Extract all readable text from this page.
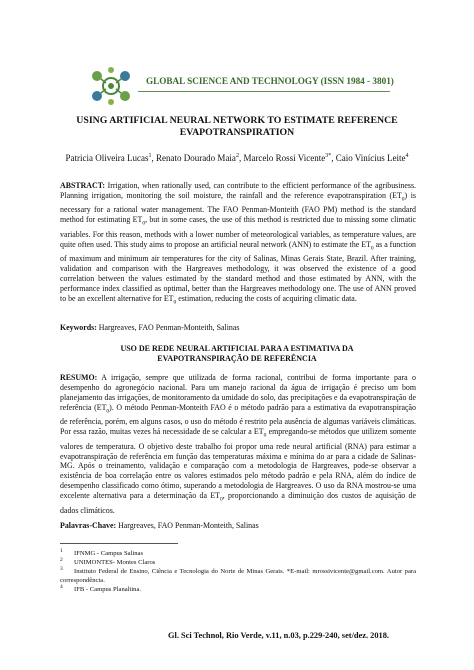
GLOBAL SCIENCE AND TECHNOLOGY (ISSN 1984 - 3801)
USING ARTIFICIAL NEURAL NETWORK TO ESTIMATE REFERENCE
EVAPOTRANSPIRATION
Patricia Oliveira Lucas$^1$, Renato Dourado Maia$^2$, Marcelo Rossi Vicente$^{3*}$, Caio Vinícius Leite$^4$
ABSTRACT: Irrigation, when rationally used, can contribute to the efficient performance of the agribusiness. Planning irrigation, monitoring the soil moisture, the rainfall and the reference evapotranspiration $(ET_0)$ is necessary for a rational water management. The FAO Penman-Monteith (FAO PM) method is the standard method for estimating $ET_0$, but in some cases, the use of this method is restricted due to missing some climatic variables. For this reason, methods with a lower number of meteorological variables, as temperature values, are quite often used. This study aims to propose an artificial neural network (ANN) to estimate the $ET_0$ as a function of maximum and minimum air temperatures for the city of Salinas, Minas Gerais State, Brazil. After training, validation and comparison with the Hargreaves methodology, it was observed the existence of a good correlation between the values estimated by the standard method and those estimated by ANN, with the performance index classified as optimal, better than the Hargreaves methodology one. The use of ANN proved to be an excellent alternative for $ET_0$ estimation, reducing the costs of acquiring climatic data.
Keywords: Hargreaves, FAO Penman-Monteith, Salinas
USO DE REDE NEURAL ARTIFICIAL PARA A ESTIMATIVA DA
EVAPOTRANSPIRAÇÃO DE REFERÊNCIA
RESUMO: A irrigação, sempre que utilizada de forma racional, contribui de forma importante para o desempenho do agronegócio nacional. Para um manejo racional da água de irrigação é preciso um bom planejamento das irrigações, de monitoramento da umidade do solo, das precipitações e da evapotranspiração de referência $(ET_0)$. O método Penman-Monteith FAO é o método padrão para a estimativa da evapotranspiração de referência, porém, em alguns casos, o uso do método é restrito pela ausência de algumas variáveis climáticas. Por essa razão, muitas vezes há necessidade de se calcular a $ET_0$ empregando-se métodos que utilizem somente valores de temperatura. O objetivo deste trabalho foi propor uma rede neural artificial (RNA) para estimar a evapotranspiração de referência em função das temperaturas máxima e mínima do ar para a cidade de Salinas-MG. Após o treinamento, validação e comparação com a metodologia de Hargreaves, pode-se observar a existência de boa correlação entre os valores estimados pelo método padrão e pela RNA, além do índice de desempenho classificado como ótimo, superando a metodologia de Hargreaves. O uso da RNA mostrou-se uma excelente alternativa para a determinação da $ET_0$, proporcionando a diminuição dos custos de aquisição de dados climáticos.
Palavras-Chave: Hargreaves, FAO Penman-Monteith, Salinas
$^1$ IFNMG - Campus Salinas
$^2$ UNIMONTES- Montes Claros
$^3$ Instituto Federal de Ensino, Ciência e Tecnologia do Norte de Minas Gerais. *E-mail: mrossivicente@gmail.com. Autor para correspondência.
$^4$ IFB - Campus Planaltina.
Gl. Sci Technol, Rio Verde, v.11, n.03, p.229-240, set/dez. 2018.
